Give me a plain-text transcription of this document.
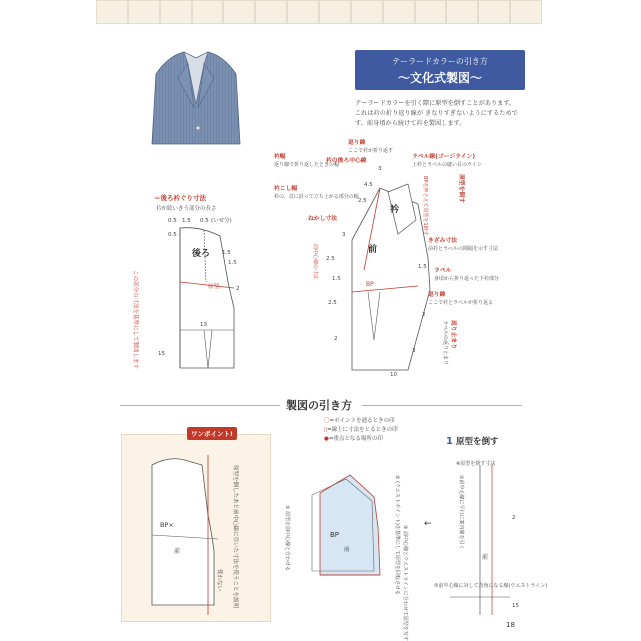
テーラードカラーの引き方
〜文化式製図〜
テーラードカラーを引く際に原型を倒すことがあります。
これは衿の折り返り線が きなりすぎないようにするためで
す。前身頃から続けて衿を製図します。
＝後ろ衿ぐり寸法
衿が続いきう部分の長さ
後ろ
原型
0.5 1.5 0.5 (いせ分)
0.5
1.5
1.5
2
13
15
この部分の寸法を基準にして製図します
前
衿
BP
返り線
ここで衿が折り返す
衿の後ろ中心線
衿幅
返り線で折り返したときの幅
衿こし幅
衿の、首に沿って立ち上がる部分の幅
ねかし寸法
ラペル線(ゴージライン)
上衿とラペルの縫い目のライン
原型を倒す
きざみ寸法
前衿とラペルの間隔を示す寸法
ラペル
身頃から折り返った下衿部分
返り線
ここで衿とラペルが折り返る
返り止まり
ラペルの返り止まり
BPを押さえて原型を1倒す
前中心線の寸法
3
4.5
2.5
3
2.5
1.5
2.5
2
10
1.5
2
3
製図の引き方
BP×
前	原型を倒したあと前中心線に引いた寸法を使うことを説明
使わない
ワンポイント!
〇=ポイントを通るときの印
▯=線上に寸法をとるときの印
●=重点となる場所の印
BP
前
① 原型を前中心線と合わせる	② (ウエストポイント)を基準にして原型を回転させる ③ 前中心線とウエストラインに合わせて原型を写す
←
1 原型を倒す
※原型を倒す寸法
①前中心線に平行に案内線を引く
前
②前中心線に対して直角になる線(ウエストライン)
2
15
18
